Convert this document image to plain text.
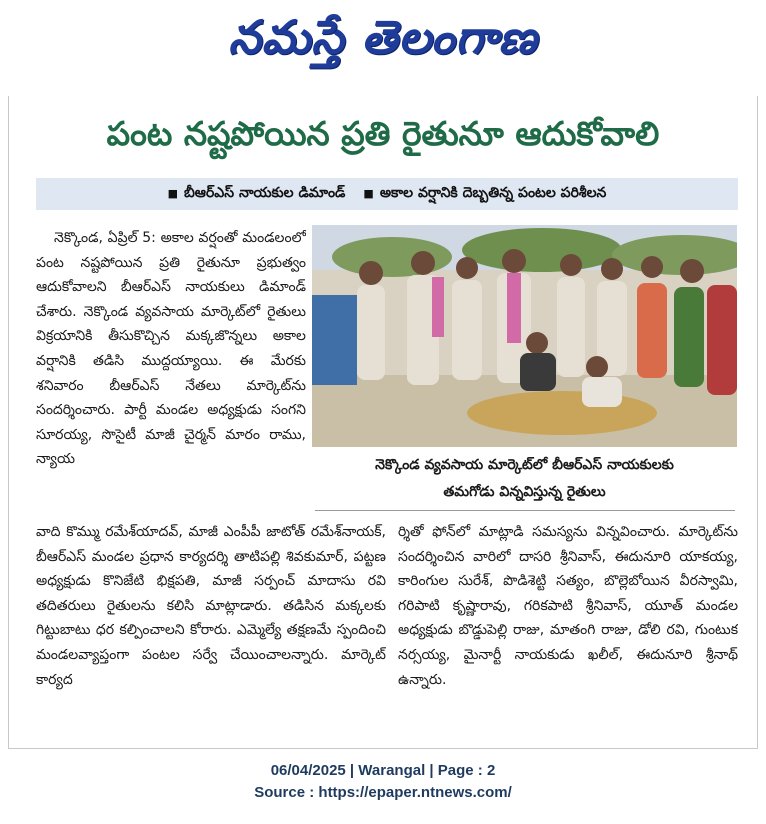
నమస్తే తెలంగాణ
పంట నష్టపోయిన ప్రతి రైతునూ ఆదుకోవాలి
■ బీఆర్‌ఎస్‌ నాయకుల డిమాండ్‌ ■ అకాల వర్షానికి దెబ్బతిన్న పంటల పరిశీలన

నెక్కొండ, ఏప్రిల్‌ 5: అకాల వర్షంతో మండలంలో పంట నష్టపోయిన ప్రతి రైతునూ ప్రభుత్వం ఆదుకోవాలని బీఆర్‌ఎస్‌ నాయకులు డిమాండ్‌ చేశారు. నెక్కొండ వ్యవసాయ మార్కెట్‌లో రైతులు విక్రయానికి తీసుకొచ్చిన మక్కజొన్నలు అకాల వర్షానికి తడిసి ముద్దయ్యాయి. ఈ మేరకు శనివారం బీఆర్‌ఎస్‌ నేతలు మార్కెట్‌ను సందర్శించారు. పార్టీ మండల అధ్యక్షుడు సంగని సూరయ్య, సొసైటీ మాజీ చైర్మన్‌ మారం రాము, న్యాయ	నెక్కొండ వ్యవసాయ మార్కెట్‌లో బీఆర్‌ఎస్‌ నాయకులకు
తమగోడు విన్నవిస్తున్న రైతులు

వాది కొమ్ము రమేశ్‌యాదవ్‌, మాజీ ఎంపీపీ జాటోత్‌ రమేశ్‌నాయక్‌, బీఆర్‌ఎస్‌ మండల ప్రధాన కార్యదర్శి తాటిపల్లి శివకుమార్‌, పట్టణ అధ్యక్షుడు కొనిజేటి భిక్షపతి, మాజీ సర్పంచ్‌ మాదాసు రవి తదితరులు రైతులను కలిసి మాట్లాడారు. తడిసిన మక్కలకు గిట్టుబాటు ధర కల్పించాలని కోరారు. ఎమ్మెల్యే తక్షణమే స్పందించి మండలవ్యాప్తంగా పంటల సర్వే చేయించాలన్నారు. మార్కెట్‌ కార్యద

ర్శితో ఫోన్‌లో మాట్లాడి సమస్యను విన్నవించారు. మార్కెట్‌ను సందర్శించిన వారిలో దాసరి శ్రీనివాస్‌, ఈదునూరి యాకయ్య, కారింగుల సురేశ్‌, పొడిశెట్టి సత్యం, బొల్లెబోయిన వీరస్వామి, గరిపాటి కృష్ణారావు, గరికపాటి శ్రీనివాస్‌, యూత్‌ మండల అధ్యక్షుడు బొడ్డుపెల్లి రాజు, మాతంగి రాజు, డోలి రవి, గుంటుక నర్సయ్య, మైనార్టీ నాయకుడు ఖలీల్‌, ఈదునూరి శ్రీనాథ్‌ ఉన్నారు.

06/04/2025 | Warangal | Page : 2
Source : https://epaper.ntnews.com/
